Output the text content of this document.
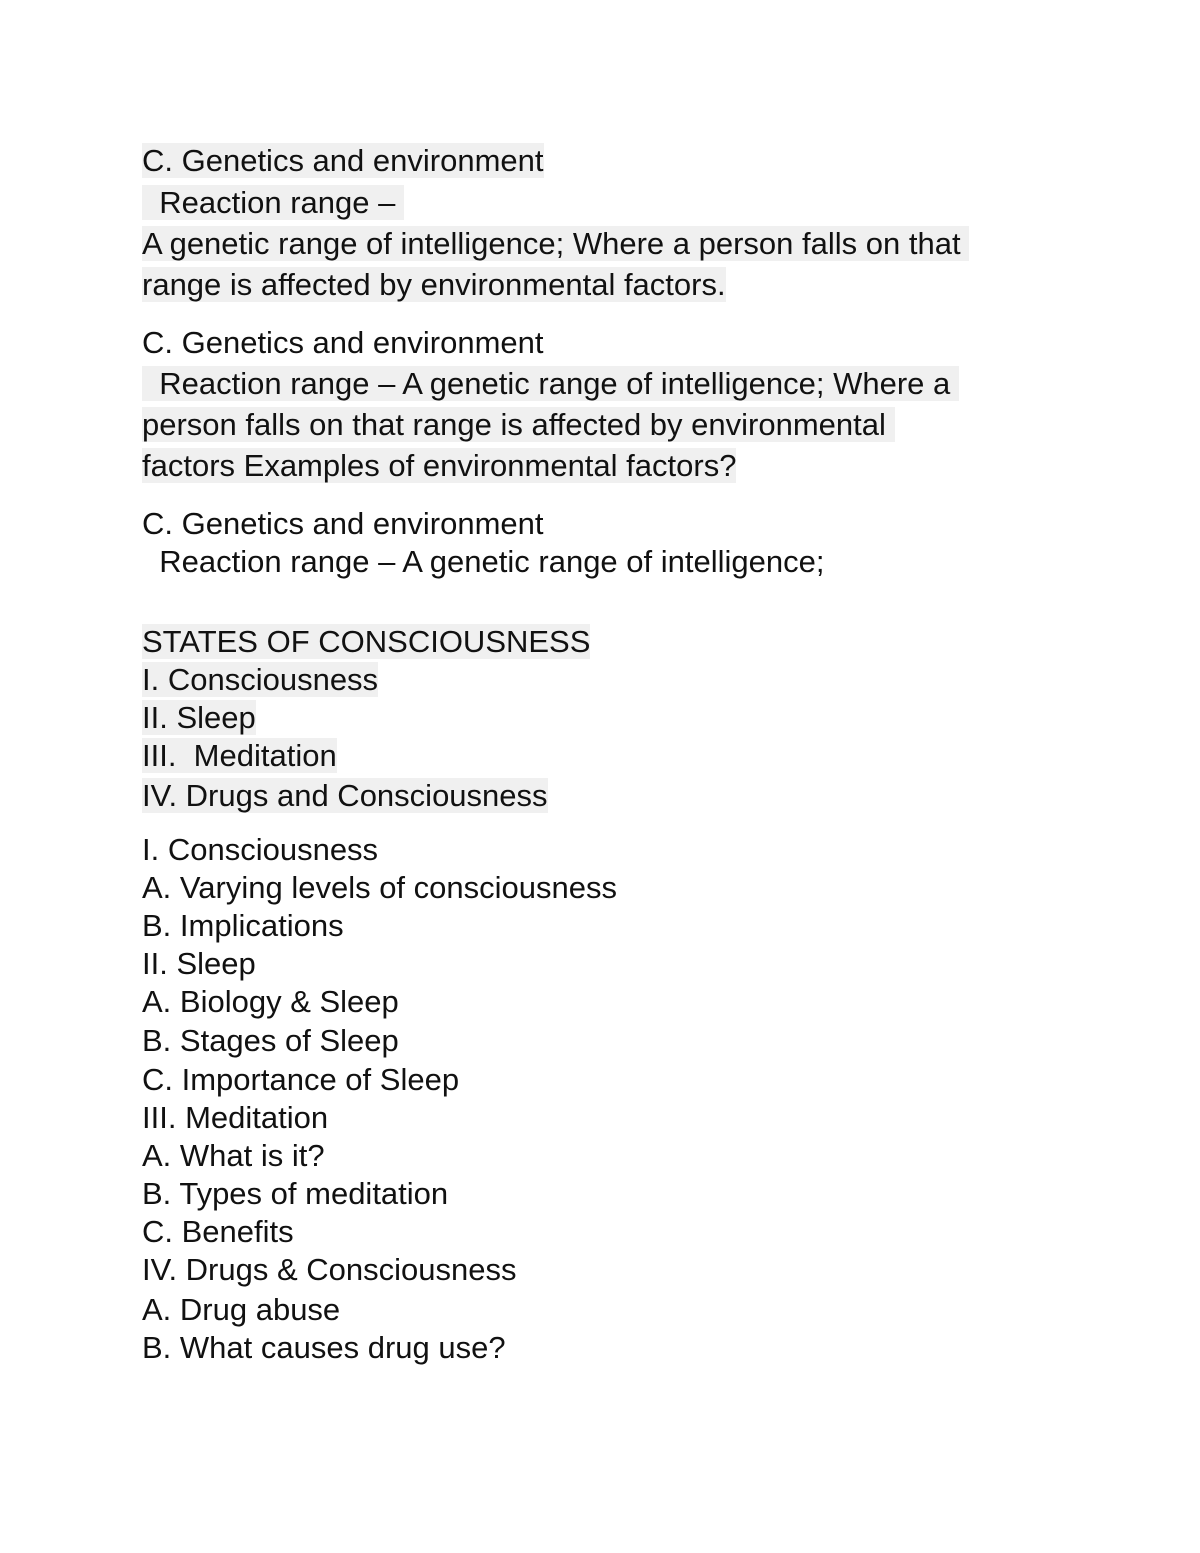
C. Genetics and environment
Reaction range –
A genetic range of intelligence; Where a person falls on that
range is affected by environmental factors.
C. Genetics and environment
Reaction range – A genetic range of intelligence; Where a
person falls on that range is affected by environmental
factors Examples of environmental factors?
C. Genetics and environment
Reaction range – A genetic range of intelligence;
STATES OF CONSCIOUSNESS
I. Consciousness
II. Sleep
III.  Meditation
IV. Drugs and Consciousness
I. Consciousness
A. Varying levels of consciousness
B. Implications
II. Sleep
A. Biology & Sleep
B. Stages of Sleep
C. Importance of Sleep
III. Meditation
A. What is it?
B. Types of meditation
C. Benefits
IV. Drugs & Consciousness
A. Drug abuse
B. What causes drug use?
